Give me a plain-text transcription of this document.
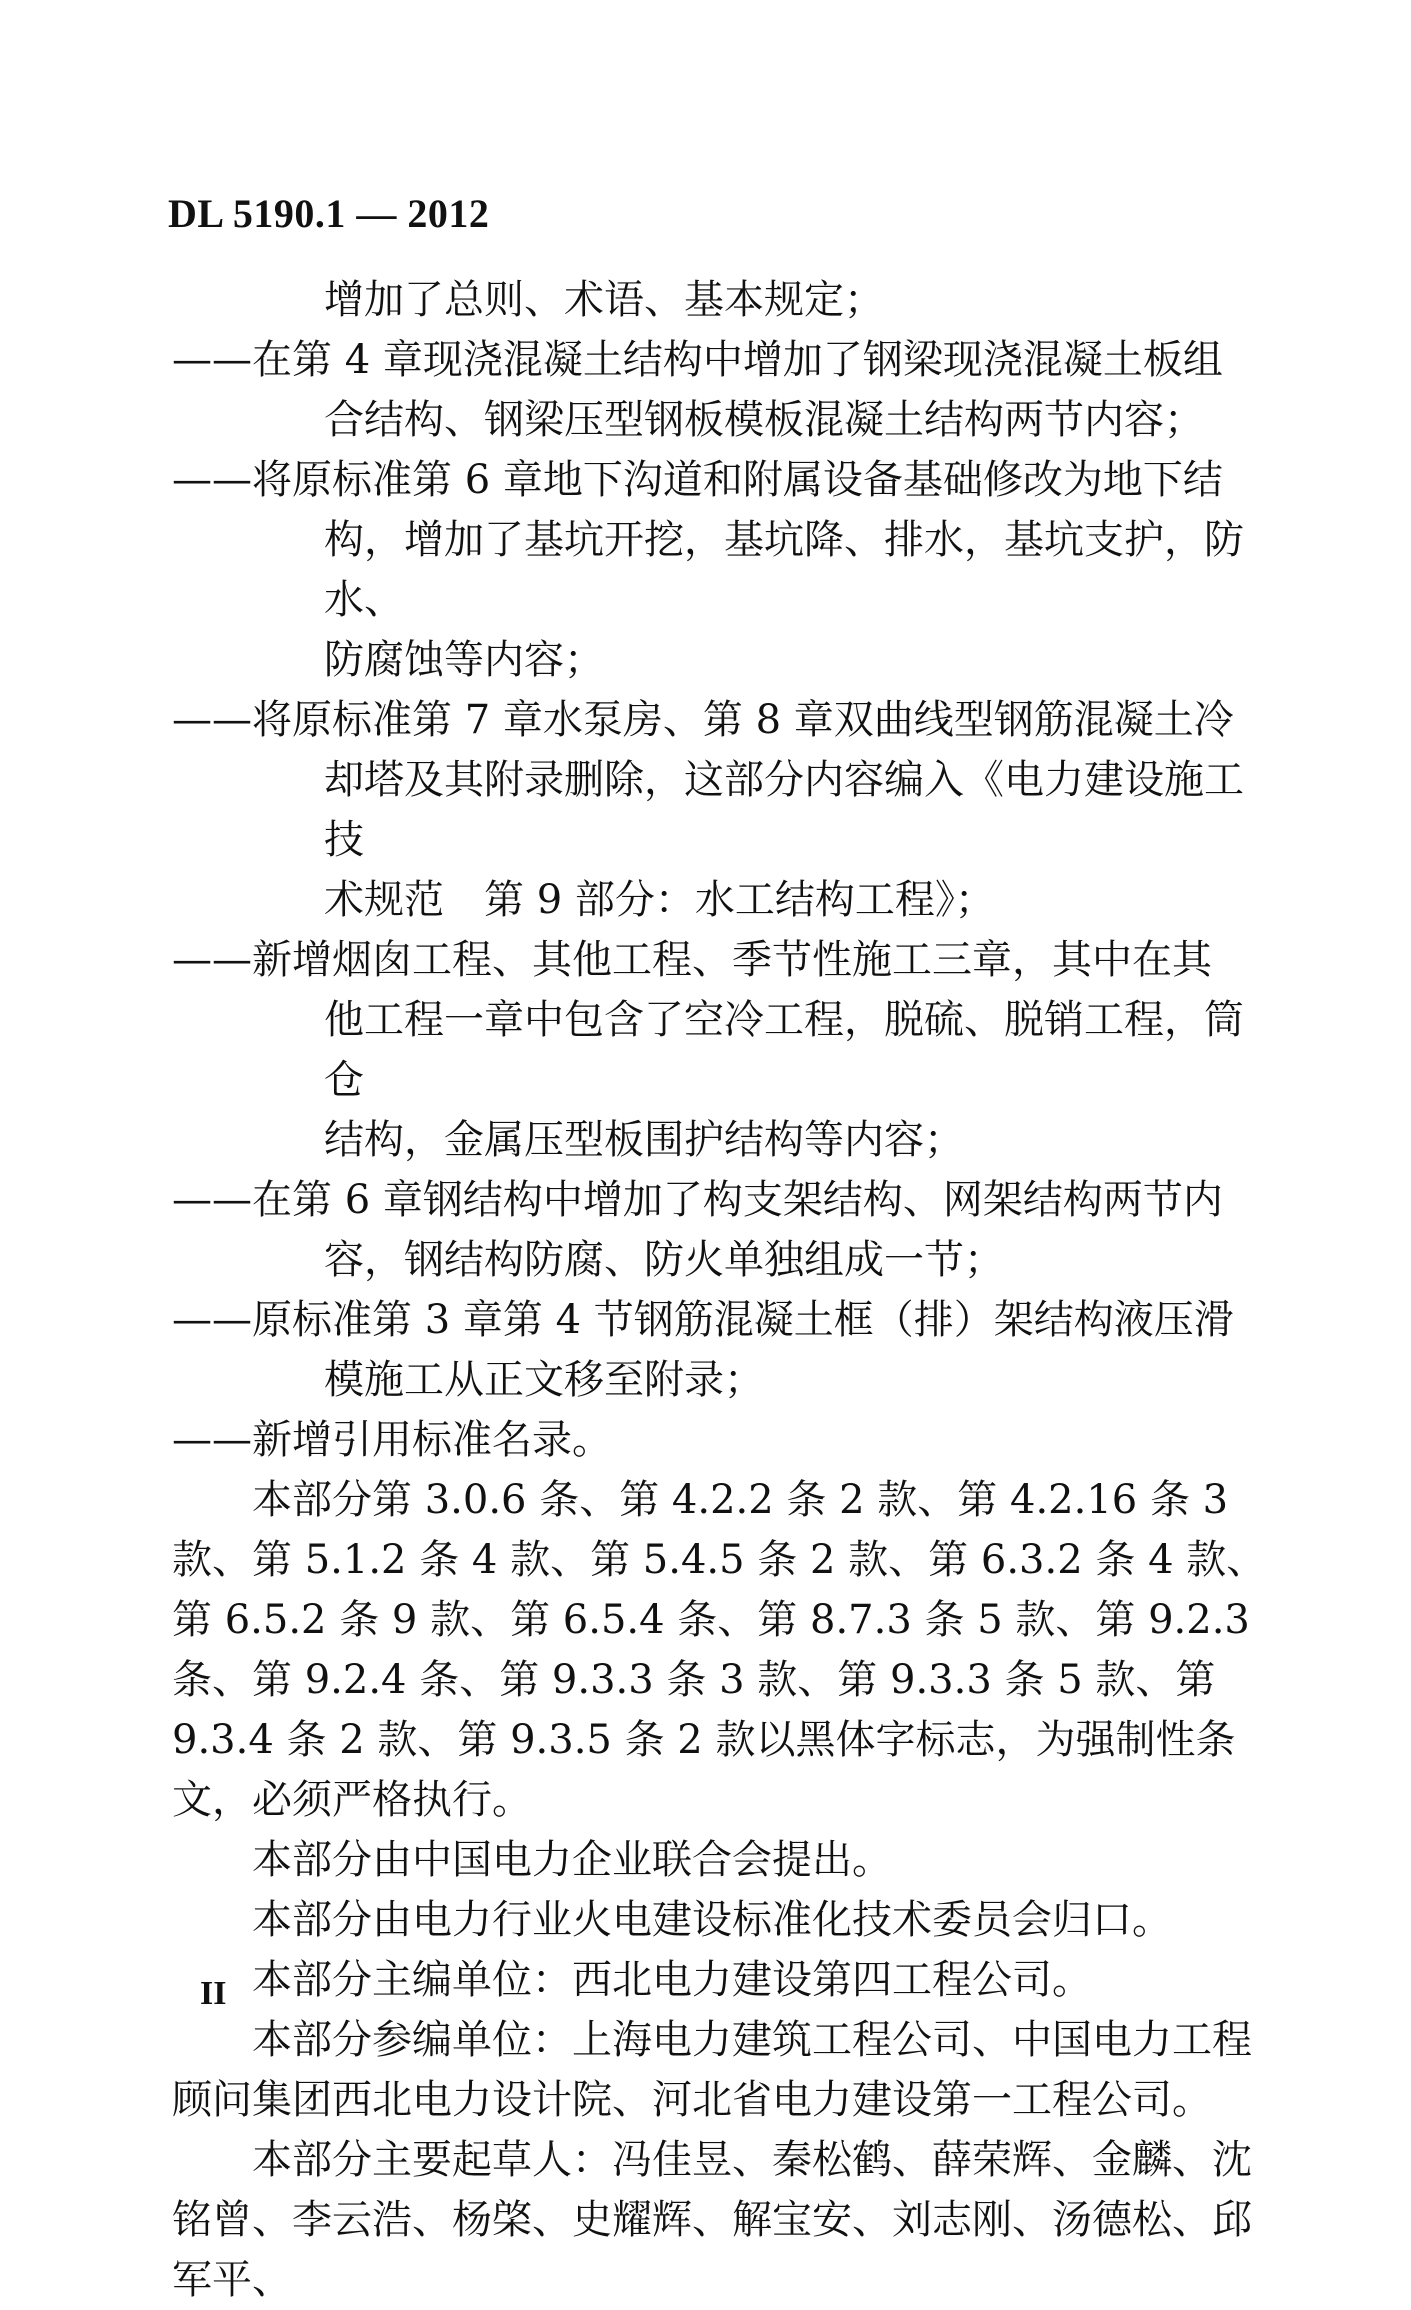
DL 5190.1 — 2012

增加了总则、术语、基本规定；

——在第 4 章现浇混凝土结构中增加了钢梁现浇混凝土板组
合结构、钢梁压型钢板模板混凝土结构两节内容；

——将原标准第 6 章地下沟道和附属设备基础修改为地下结
构，增加了基坑开挖，基坑降、排水，基坑支护，防水、
防腐蚀等内容；

——将原标准第 7 章水泵房、第 8 章双曲线型钢筋混凝土冷
却塔及其附录删除，这部分内容编入《电力建设施工技
术规范　第 9 部分：水工结构工程》；

——新增烟囱工程、其他工程、季节性施工三章，其中在其
他工程一章中包含了空冷工程，脱硫、脱销工程，筒仓
结构，金属压型板围护结构等内容；

——在第 6 章钢结构中增加了构支架结构、网架结构两节内
容，钢结构防腐、防火单独组成一节；

——原标准第 3 章第 4 节钢筋混凝土框（排）架结构液压滑
模施工从正文移至附录；

——新增引用标准名录。

本部分第 3.0.6 条、第 4.2.2 条 2 款、第 4.2.16 条 3 款、第 5.1.2 条 4 款、第 5.4.5 条 2 款、第 6.3.2 条 4 款、第 6.5.2 条 9 款、第 6.5.4 条、第 8.7.3 条 5 款、第 9.2.3 条、第 9.2.4 条、第 9.3.3 条 3 款、第 9.3.3 条 5 款、第 9.3.4 条 2 款、第 9.3.5 条 2 款以黑体字标志，为强制性条文，必须严格执行。

本部分由中国电力企业联合会提出。

本部分由电力行业火电建设标准化技术委员会归口。

本部分主编单位：西北电力建设第四工程公司。

本部分参编单位：上海电力建筑工程公司、中国电力工程顾问集团西北电力设计院、河北省电力建设第一工程公司。

本部分主要起草人：冯佳昱、秦松鹤、薛荣辉、金麟、沈铭曾、李云浩、杨棨、史耀辉、解宝安、刘志刚、汤德松、邱军平、

II
